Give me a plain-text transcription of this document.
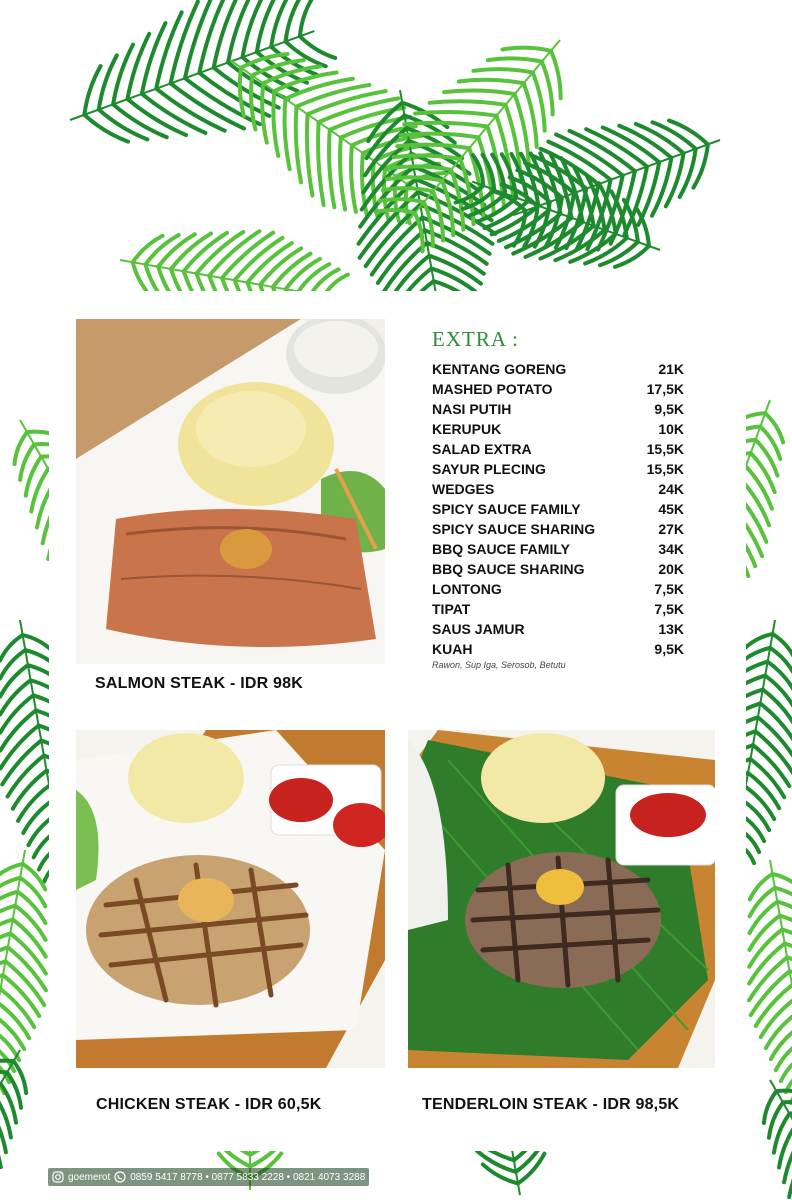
SALMON STEAK - IDR 98K
CHICKEN STEAK - IDR 60,5K	TENDERLOIN STEAK - IDR 98,5K
EXTRA :
KENTANG GORENG	21K
MASHED POTATO	17,5K
NASI PUTIH	9,5K
KERUPUK	10K
SALAD EXTRA	15,5K
SAYUR PLECING	15,5K
WEDGES	24K
SPICY SAUCE FAMILY	45K
SPICY SAUCE SHARING	27K
BBQ SAUCE FAMILY	34K
BBQ SAUCE SHARING	20K
LONTONG	7,5K
TIPAT	7,5K
SAUS JAMUR	13K
KUAH	9,5K
Rawon, Sup Iga, Serosob, Betutu
goemerot 0859 5417 8778 • 0877 5833 2228 • 0821 4073 3288
